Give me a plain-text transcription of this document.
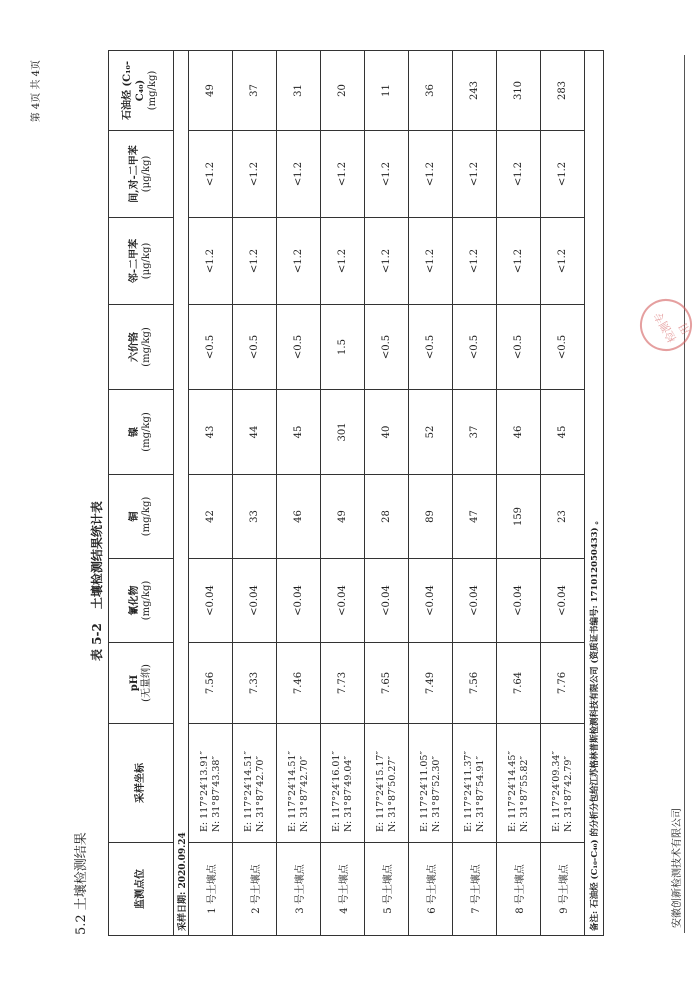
安徽创新检测技术有限公司
第 4页 共 4页
5.2 土壤检测结果
表 5-2土壤检测结果统计表
监测点位	采样坐标	pH (无量纲)	氰化物 (mg/kg)	铜 (mg/kg)	镍 (mg/kg)	六价铬 (mg/kg)	邻-二甲苯 (μg/kg)	间,对-二甲苯 (μg/kg)	石油烃 (C₁₀-C₄₀) (mg/kg)
采样日期: 2020.09.24									
1 号土壤点	E: 117°24′13.91″
N: 31°87′43.38″	7.56	<0.04	42	43	<0.5	<1.2	<1.2	49
2 号土壤点	E: 117°24′14.51″
N: 31°87′42.70″	7.33	<0.04	33	44	<0.5	<1.2	<1.2	37
3 号土壤点	E: 117°24′14.51″
N: 31°87′42.70″	7.46	<0.04	46	45	<0.5	<1.2	<1.2	31
4 号土壤点	E: 117°24′16.01″
N: 31°87′49.04″	7.73	<0.04	49	301	1.5	<1.2	<1.2	20
5 号土壤点	E: 117°24′15.17″
N: 31°87′50.27″	7.65	<0.04	28	40	<0.5	<1.2	<1.2	11
6 号土壤点	E: 117°24′11.05″
N: 31°87′52.30″	7.49	<0.04	89	52	<0.5	<1.2	<1.2	36
7 号土壤点	E: 117°24′11.37″
N: 31°87′54.91″	7.56	<0.04	47	37	<0.5	<1.2	<1.2	243
8 号土壤点	E: 117°24′14.45″
N: 31°87′55.82″	7.64	<0.04	159	46	<0.5	<1.2	<1.2	310
9 号土壤点	E: 117°24′09.34″
N: 31°87′42.79″	7.76	<0.04	23	45	<0.5	<1.2	<1.2	283
备注: 石油烃 (C₁₀-C₄₀) 的分析分包给江苏格林普斯检测科技有限公司 (资质证书编号: 171012050433) 。									
检测专用
